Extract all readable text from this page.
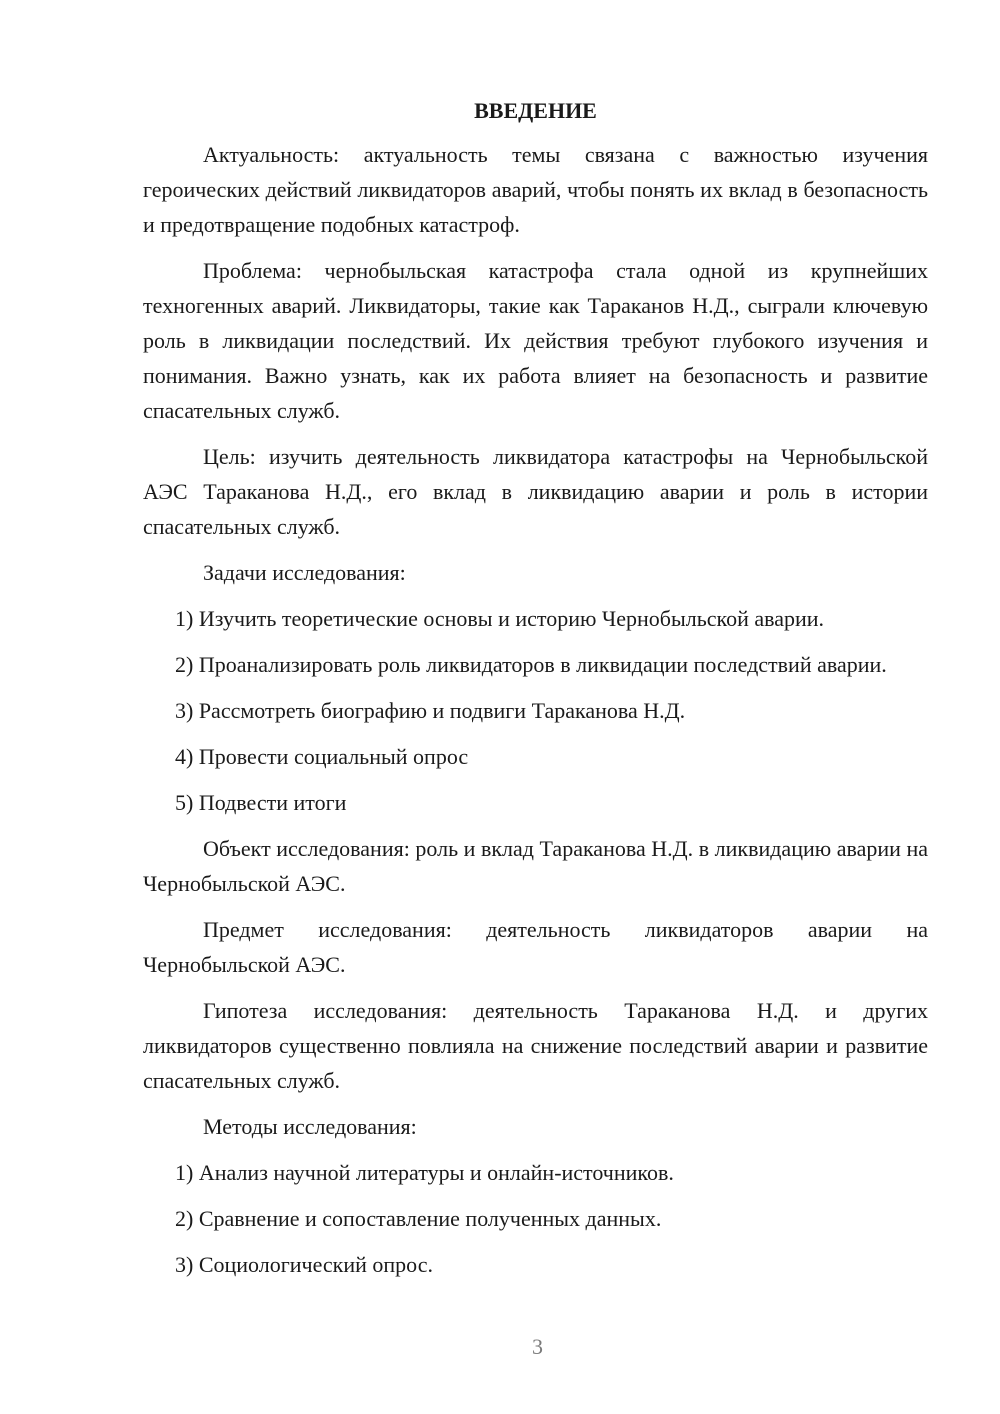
ВВЕДЕНИЕ

Актуальность: актуальность темы связана с важностью изучения героических действий ликвидаторов аварий, чтобы понять их вклад в безопасность и предотвращение подобных катастроф.

Проблема: чернобыльская катастрофа стала одной из крупнейших техногенных аварий. Ликвидаторы, такие как Тараканов Н.Д., сыграли ключевую роль в ликвидации последствий. Их действия требуют глубокого изучения и понимания. Важно узнать, как их работа влияет на безопасность и развитие спасательных служб.

Цель: изучить деятельность ликвидатора катастрофы на Чернобыльской АЭС Тараканова Н.Д., его вклад в ликвидацию аварии и роль в истории спасательных служб.

Задачи исследования:

1) Изучить теоретические основы и историю Чернобыльской аварии.

2) Проанализировать роль ликвидаторов в ликвидации последствий аварии.

3) Рассмотреть биографию и подвиги Тараканова Н.Д.

4) Провести социальный опрос

5) Подвести итоги

Объект исследования: роль и вклад Тараканова Н.Д. в ликвидацию аварии на Чернобыльской АЭС.

Предмет исследования: деятельность ликвидаторов аварии на Чернобыльской АЭС.

Гипотеза исследования: деятельность Тараканова Н.Д. и других ликвидаторов существенно повлияла на снижение последствий аварии и развитие спасательных служб.

Методы исследования:

1) Анализ научной литературы и онлайн-источников.

2) Сравнение и сопоставление полученных данных.

3) Социологический опрос.

3
